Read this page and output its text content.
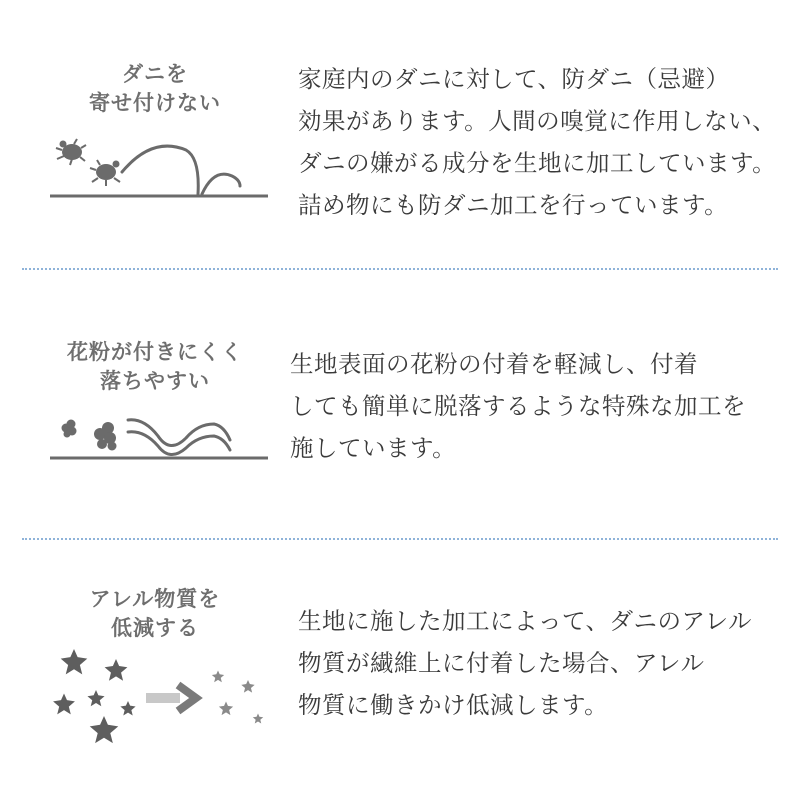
ダニを
寄せ付けない
家庭内のダニに対して、防ダニ（忌避）
効果があります。人間の嗅覚に作用しない、
ダニの嫌がる成分を生地に加工しています。
詰め物にも防ダニ加工を行っています。
花粉が付きにくく
落ちやすい
生地表面の花粉の付着を軽減し、付着
しても簡単に脱落するような特殊な加工を
施しています。
アレル物質を
低減する	生地に施した加工によって、ダニのアレル
物質が繊維上に付着した場合、アレル
物質に働きかけ低減します。
